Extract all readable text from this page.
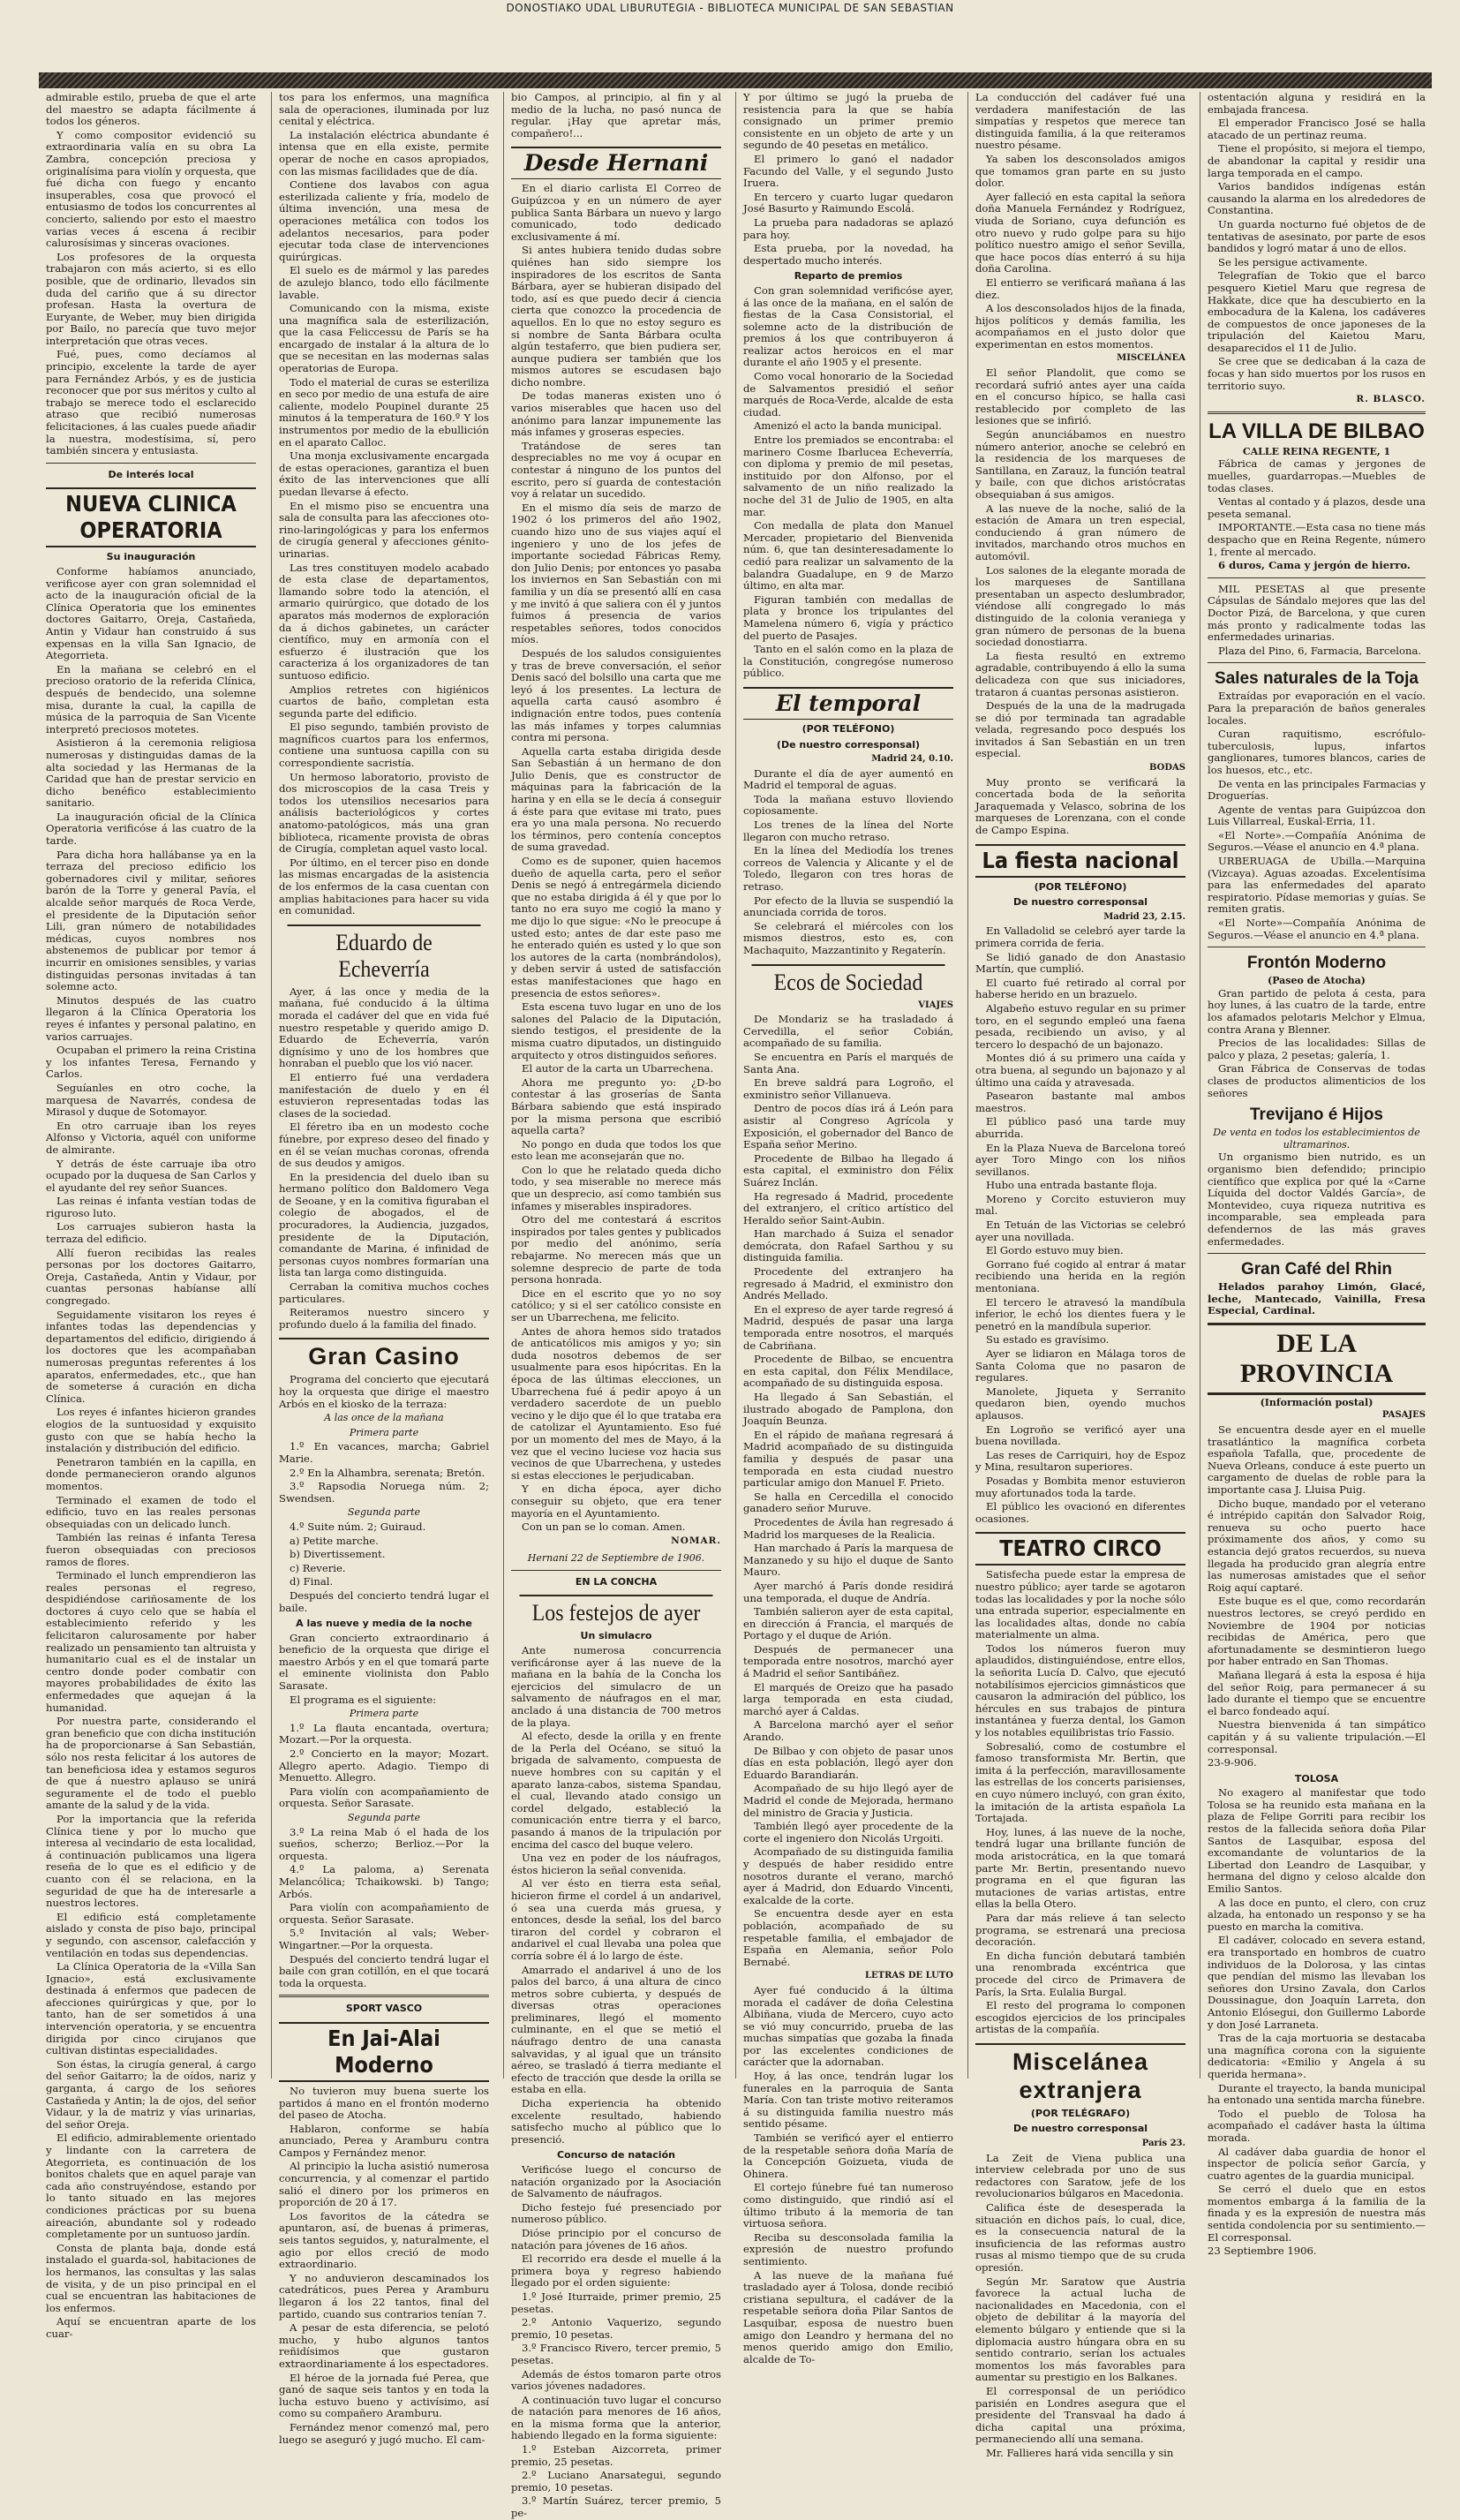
DONOSTIAKO UDAL LIBURUTEGIA - BIBLIOTECA MUNICIPAL DE SAN SEBASTIAN

admirable estilo, prueba de que el arte del maestro se adapta fácilmente á todos los géneros.

Y como compositor evidenció su extraordinaria valía en su obra La Zambra, concepción preciosa y originalísima para violín y orquesta, que fué dicha con fuego y encanto insuperables, cosa que provocó el entusiasmo de todos los concurrentes al concierto, saliendo por esto el maestro varias veces á escena á recibir calurosísimas y sinceras ovaciones.

Los profesores de la orquesta trabajaron con más acierto, si es ello posible, que de ordinario, llevados sin duda del cariño que á su director profesan. Hasta la overtura de Euryante, de Weber, muy bien dirigida por Bailo, no parecía que tuvo mejor interpretación que otras veces.

Fué, pues, como decíamos al principio, excelente la tarde de ayer para Fernández Arbós, y es de justicia reconocer que por sus méritos y culto al trabajo se merece todo el esclarecido atraso que recibió numerosas felicitaciones, á las cuales puede añadir la nuestra, modestísima, sí, pero también sincera y entusiasta.

De interés local
NUEVA CLINICA OPERATORIA
Su inauguración

Conforme habíamos anunciado, verificose ayer con gran solemnidad el acto de la inauguración oficial de la Clínica Operatoria que los eminentes doctores Gaitarro, Oreja, Castañeda, Antin y Vidaur han construido á sus expensas en la villa San Ignacio, de Ategorrieta.

En la mañana se celebró en el precioso oratorio de la referida Clínica, después de bendecido, una solemne misa, durante la cual, la capilla de música de la parroquia de San Vicente interpretó preciosos motetes.

Asistieron á la ceremonia religiosa numerosas y distinguidas damas de la alta sociedad y las Hermanas de la Caridad que han de prestar servicio en dicho benéfico establecimiento sanitario.

La inauguración oficial de la Clínica Operatoria verificóse á las cuatro de la tarde.

Para dicha hora hallábanse ya en la terraza del precioso edificio los gobernadores civil y militar, señores barón de la Torre y general Pavía, el alcalde señor marqués de Roca Verde, el presidente de la Diputación señor Lili, gran número de notabilidades médicas, cuyos nombres nos abstenemos de publicar por temor á incurrir en omisiones sensibles, y varias distinguidas personas invitadas á tan solemne acto.

Minutos después de las cuatro llegaron á la Clínica Operatoria los reyes é infantes y personal palatino, en varios carruajes.

Ocupaban el primero la reina Cristina y los infantes Teresa, Fernando y Carlos.

Seguíanles en otro coche, la marquesa de Navarrés, condesa de Mirasol y duque de Sotomayor.

En otro carruaje iban los reyes Alfonso y Victoria, aquél con uniforme de almirante.

Y detrás de éste carruaje iba otro ocupado por la duquesa de San Carlos y el ayudante del rey señor Suances.

Las reinas é infanta vestían todas de riguroso luto.

Los carruajes subieron hasta la terraza del edificio.

Allí fueron recibidas las reales personas por los doctores Gaitarro, Oreja, Castañeda, Antin y Vidaur, por cuantas personas habíanse allí congregado.

Seguidamente visitaron los reyes é infantes todas las dependencias y departamentos del edificio, dirigiendo á los doctores que les acompañaban numerosas preguntas referentes á los aparatos, enfermedades, etc., que han de someterse á curación en dicha Clínica.

Los reyes é infantes hicieron grandes elogios de la suntuosidad y exquisito gusto con que se había hecho la instalación y distribución del edificio.

Penetraron también en la capilla, en donde permanecieron orando algunos momentos.

Terminado el examen de todo el edificio, tuvo en las reales personas obsequiadas con un delicado lunch.

También las reinas é infanta Teresa fueron obsequiadas con preciosos ramos de flores.

Terminado el lunch emprendieron las reales personas el regreso, despidiéndose cariñosamente de los doctores á cuyo celo que se había el establecimiento referido y les felicitaron calurosamente por haber realizado un pensamiento tan altruista y humanitario cual es el de instalar un centro donde poder combatir con mayores probabilidades de éxito las enfermedades que aquejan á la humanidad.

Por nuestra parte, considerando el gran beneficio que con dicha institución ha de proporcionarse á San Sebastián, sólo nos resta felicitar á los autores de tan beneficiosa idea y estamos seguros de que á nuestro aplauso se unirá seguramente el de todo el pueblo amante de la salud y de la vida.

Por la importancia que la referida Clínica tiene y por lo mucho que interesa al vecindario de esta localidad, á continuación publicamos una ligera reseña de lo que es el edificio y de cuanto con él se relaciona, en la seguridad de que ha de interesarle a nuestros lectores.

El edificio está completamente aislado y consta de piso bajo, principal y segundo, con ascensor, calefacción y ventilación en todas sus dependencias.

La Clínica Operatoria de la «Villa San Ignacio», está exclusivamente destinada á enfermos que padecen de afecciones quirúrgicas y que, por lo tanto, han de ser sometidos á una intervención operatoria, y se encuentra dirigida por cinco cirujanos que cultivan distintas especialidades.

Son éstas, la cirugía general, á cargo del señor Gaitarro; la de oídos, nariz y garganta, á cargo de los señores Castañeda y Antin; la de ojos, del señor Vidaur, y la de matriz y vías urinarias, del señor Oreja.

El edificio, admirablemente orientado y lindante con la carretera de Ategorrieta, es continuación de los bonitos chalets que en aquel paraje van cada año construyéndose, estando por lo tanto situado en las mejores condiciones prácticas por su buena aireación, abundante sol y rodeado completamente por un suntuoso jardín.

Consta de planta baja, donde está instalado el guarda-sol, habitaciones de los hermanos, las consultas y las salas de visita, y de un piso principal en el cual se encuentran las habitaciones de los enfermos.

Aquí se encuentran aparte de los cuar-

tos para los enfermos, una magnífica sala de operaciones, iluminada por luz cenital y eléctrica.

La instalación eléctrica abundante é intensa que en ella existe, permite operar de noche en casos apropiados, con las mismas facilidades que de día.

Contiene dos lavabos con agua esterilizada caliente y fría, modelo de última invención, una mesa de operaciones metálica con todos los adelantos necesarios, para poder ejecutar toda clase de intervenciones quirúrgicas.

El suelo es de mármol y las paredes de azulejo blanco, todo ello fácilmente lavable.

Comunicando con la misma, existe una magnífica sala de esterilización, que la casa Feliccessu de París se ha encargado de instalar á la altura de lo que se necesitan en las modernas salas operatorias de Europa.

Todo el material de curas se esteriliza en seco por medio de una estufa de aire caliente, modelo Poupinel durante 25 minutos á la temperatura de 160.º Y los instrumentos por medio de la ebullición en el aparato Calloc.

Una monja exclusivamente encargada de estas operaciones, garantiza el buen éxito de las intervenciones que allí puedan llevarse á efecto.

En el mismo piso se encuentra una sala de consulta para las afecciones oto-rino-laringológicas y para los enfermos de cirugía general y afecciones génito-urinarias.

Las tres constituyen modelo acabado de esta clase de departamentos, llamando sobre todo la atención, el armario quirúrgico, que dotado de los aparatos más modernos de exploración da á dichos gabinetes, un carácter científico, muy en armonía con el esfuerzo é ilustración que los caracteriza á los organizadores de tan suntuoso edificio.

Amplios retretes con higiénicos cuartos de baño, completan esta segunda parte del edificio.

El piso segundo, también provisto de magníficos cuartos para los enfermos, contiene una suntuosa capilla con su correspondiente sacristía.

Un hermoso laboratorio, provisto de dos microscopios de la casa Treis y todos los utensilios necesarios para análisis bacteriológicos y cortes anatomo-patológicos, más una gran biblioteca, ricamente provista de obras de Cirugía, completan aquel vasto local.

Por último, en el tercer piso en donde las mismas encargadas de la asistencia de los enfermos de la casa cuentan con amplias habitaciones para hacer su vida en comunidad.

Eduardo de Echeverría

Ayer, á las once y media de la mañana, fué conducido á la última morada el cadáver del que en vida fué nuestro respetable y querido amigo D. Eduardo de Echeverría, varón dignísimo y uno de los hombres que honraban el pueblo que los vió nacer.

El entierro fué una verdadera manifestación de duelo y en él estuvieron representadas todas las clases de la sociedad.

El féretro iba en un modesto coche fúnebre, por expreso deseo del finado y en él se veían muchas coronas, ofrenda de sus deudos y amigos.

En la presidencia del duelo iban su hermano político don Baldomero Vega de Seoane, y en la comitiva figuraban el colegio de abogados, el de procuradores, la Audiencia, juzgados, presidente de la Diputación, comandante de Marina, é infinidad de personas cuyos nombres formarían una lista tan larga como distinguida.

Cerraban la comitiva muchos coches particulares.

Reiteramos nuestro sincero y profundo duelo á la familia del finado.

Gran Casino

Programa del concierto que ejecutará hoy la orquesta que dirige el maestro Arbós en el kiosko de la terraza:

A las once de la mañana
Primera parte

1.º En vacances, marcha; Gabriel Marie.

2.º En la Alhambra, serenata; Bretón.

3.º Rapsodia Noruega núm. 2; Swendsen.

Segunda parte

4.º Suite núm. 2; Guiraud.

a) Petite marche.

b) Divertissement.

c) Reverie.

d) Final.

Después del concierto tendrá lugar el baile.

A las nueve y media de la noche

Gran concierto extraordinario á beneficio de la orquesta que dirige el maestro Arbós y en el que tomará parte el eminente violinista don Pablo Sarasate.

El programa es el siguiente:

Primera parte

1.º La flauta encantada, overtura; Mozart.—Por la orquesta.

2.º Concierto en la mayor; Mozart. Allegro aperto. Adagio. Tiempo di Menuetto. Allegro.

Para violín con acompañamiento de orquesta. Señor Sarasate.

Segunda parte

3.º La reina Mab ó el hada de los sueños, scherzo; Berlioz.—Por la orquesta.

4.º La paloma, a) Serenata Melancólica; Tchaikowski. b) Tango; Arbós.

Para violín con acompañamiento de orquesta. Señor Sarasate.

5.º Invitación al vals; Weber-Wingartner.—Por la orquesta.

Después del concierto tendrá lugar el baile con gran cotillón, en el que tocará toda la orquesta.

SPORT VASCO
En Jai-Alai Moderno

No tuvieron muy buena suerte los partidos á mano en el frontón moderno del paseo de Atocha.

Hablaron, conforme se había anunciado, Perea y Aramburu contra Campos y Fernández menor.

Al principio la lucha asistió numerosa concurrencia, y al comenzar el partido salió el dinero por los primeros en proporción de 20 á 17.

Los favoritos de la cátedra se apuntaron, así, de buenas á primeras, seis tantos seguidos, y, naturalmente, el agio por ellos creció de modo extraordinario.

Y no anduvieron descaminados los catedráticos, pues Perea y Aramburu llegaron á los 22 tantos, final del partido, cuando sus contrarios tenían 7.

A pesar de esta diferencia, se pelotó mucho, y hubo algunos tantos reñidísimos que gustaron extraordinariamente á los espectadores.

El héroe de la jornada fué Perea, que ganó de saque seis tantos y en toda la lucha estuvo bueno y activísimo, así como su compañero Aramburu.

Fernández menor comenzó mal, pero luego se aseguró y jugó mucho. El cam-

bio Campos, al principio, al fin y al medio de la lucha, no pasó nunca de regular. ¡Hay que apretar más, compañero!...

Desde Hernani

En el diario carlista El Correo de Guipúzcoa y en un número de ayer publica Santa Bárbara un nuevo y largo comunicado, todo dedicado exclusivamente á mí.

Si antes hubiera tenido dudas sobre quiénes han sido siempre los inspiradores de los escritos de Santa Bárbara, ayer se hubieran disipado del todo, así es que puedo decir á ciencia cierta que conozco la procedencia de aquellos. En lo que no estoy seguro es si nombre de Santa Bárbara oculta algún testaferro, que bien pudiera ser, aunque pudiera ser también que los mismos autores se escudasen bajo dicho nombre.

De todas maneras existen uno ó varios miserables que hacen uso del anónimo para lanzar impunemente las más infames y groseras especies.

Tratándose de seres tan despreciables no me voy á ocupar en contestar á ninguno de los puntos del escrito, pero sí guarda de contestación voy á relatar un sucedido.

En el mismo día seis de marzo de 1902 ó los primeros del año 1902, cuando hizo uno de sus viajes aquí el ingeniero y uno de los jefes de importante sociedad Fábricas Remy, don Julio Denis; por entonces yo pasaba los inviernos en San Sebastián con mi familia y un día se presentó allí en casa y me invitó á que saliera con él y juntos fuimos á presencia de varios respetables señores, todos conocidos míos.

Después de los saludos consiguientes y tras de breve conversación, el señor Denis sacó del bolsillo una carta que me leyó á los presentes. La lectura de aquella carta causó asombro é indignación entre todos, pues contenía las más infames y torpes calumnias contra mi persona.

Aquella carta estaba dirigida desde San Sebastián á un hermano de don Julio Denis, que es constructor de máquinas para la fabricación de la harina y en ella se le decía á conseguir á éste para que evitase mi trato, pues era yo una mala persona. No recuerdo los términos, pero contenía conceptos de suma gravedad.

Como es de suponer, quien hacemos dueño de aquella carta, pero el señor Denis se negó á entregármela diciendo que no estaba dirigida á él y que por lo tanto no era suyo me cogió la mano y me dijo lo que sigue: «No le preocupe á usted esto; antes de dar este paso me he enterado quién es usted y lo que son los autores de la carta (nombrándolos), y deben servir á usted de satisfacción estas manifestaciones que hago en presencia de estos señores».

Esta escena tuvo lugar en uno de los salones del Palacio de la Diputación, siendo testigos, el presidente de la misma cuatro diputados, un distinguido arquitecto y otros distinguidos señores.

El autor de la carta un Ubarrechena.

Ahora me pregunto yo: ¿D-bo contestar á las groserías de Santa Bárbara sabiendo que está inspirado por la misma persona que escribió aquella carta?

No pongo en duda que todos los que esto lean me aconsejarán que no.

Con lo que he relatado queda dicho todo, y sea miserable no merece más que un desprecio, así como también sus infames y miserables inspiradores.

Otro del me contestará á escritos inspirados por tales gentes y publicados por medio del anónimo, sería rebajarme. No merecen más que un solemne desprecio de parte de toda persona honrada.

Dice en el escrito que yo no soy católico; y si el ser católico consiste en ser un Ubarrechena, me felicito.

Antes de ahora hemos sido tratados de anticatólicos mis amigos y yo; sin duda nosotros debemos de ser usualmente para esos hipócritas. En la época de las últimas elecciones, un Ubarrechena fué á pedir apoyo á un verdadero sacerdote de un pueblo vecino y le dijo que él lo que trataba era de catolizar el Ayuntamiento. Eso fué por un momento del mes de Mayo, á la vez que el vecino luciese voz hacia sus vecinos de que Ubarrechena, y ustedes si estas elecciones le perjudicaban.

Y en dicha época, ayer dicho conseguir su objeto, que era tener mayoría en el Ayuntamiento.

Con un pan se lo coman. Amen.

NOMAR.
Hernani 22 de Septiembre de 1906.
EN LA CONCHA
Los festejos de ayer
Un simulacro

Ante numerosa concurrencia verificáronse ayer á las nueve de la mañana en la bahía de la Concha los ejercicios del simulacro de un salvamento de náufragos en el mar, anclado á una distancia de 700 metros de la playa.

Al efecto, desde la orilla y en frente de la Perla del Océano, se situó la brigada de salvamento, compuesta de nueve hombres con su capitán y el aparato lanza-cabos, sistema Spandau, el cual, llevando atado consigo un cordel delgado, estableció la comunicación entre tierra y el barco, pasando á manos de la tripulación por encima del casco del buque velero.

Una vez en poder de los náufragos, éstos hicieron la señal convenida.

Al ver ésto en tierra esta señal, hicieron firme el cordel á un andarivel, ó sea una cuerda más gruesa, y entonces, desde la señal, los del barco tiraron del cordel y cobraron el andarivel el cual llevaba una polea que corría sobre él á lo largo de éste.

Amarrado el andarivel á uno de los palos del barco, á una altura de cinco metros sobre cubierta, y después de diversas otras operaciones preliminares, llegó el momento culminante, en el que se metió el náufrago dentro de una canasta salvavidas, y al igual que un tránsito aéreo, se trasladó á tierra mediante el efecto de tracción que desde la orilla se estaba en ella.

Dicha experiencia ha obtenido excelente resultado, habiendo satisfecho mucho al público que lo presenció.

Concurso de natación

Verificóse luego el concurso de natación organizado por la Asociación de Salvamento de náufragos.

Dicho festejo fué presenciado por numeroso público.

Dióse principio por el concurso de natación para jóvenes de 16 años.

El recorrido era desde el muelle á la primera boya y regreso habiendo llegado por el orden siguiente:

1.º José Iturraide, primer premio, 25 pesetas.

2.º Antonio Vaquerizo, segundo premio, 10 pesetas.

3.º Francisco Rivero, tercer premio, 5 pesetas.

Además de éstos tomaron parte otros varios jóvenes nadadores.

A continuación tuvo lugar el concurso de natación para menores de 16 años, en la misma forma que la anterior, habiendo llegado en la forma siguiente:

1.º Esteban Aizcorreta, primer premio, 25 pesetas.

2.º Luciano Anarsategui, segundo premio, 10 pesetas.

3.º Martín Suárez, tercer premio, 5 pe-

Y por último se jugó la prueba de resistencia para la que se había consignado un primer premio consistente en un objeto de arte y un segundo de 40 pesetas en metálico.

El primero lo ganó el nadador Facundo del Valle, y el segundo Justo Iruera.

En tercero y cuarto lugar quedaron José Basurto y Raimundo Escolá.

La prueba para nadadoras se aplazó para hoy.

Esta prueba, por la novedad, ha despertado mucho interés.

Reparto de premios

Con gran solemnidad verificóse ayer, á las once de la mañana, en el salón de fiestas de la Casa Consistorial, el solemne acto de la distribución de premios á los que contribuyeron á realizar actos heroicos en el mar durante el año 1905 y el presente.

Como vocal honorario de la Sociedad de Salvamentos presidió el señor marqués de Roca-Verde, alcalde de esta ciudad.

Amenizó el acto la banda municipal.

Entre los premiados se encontraba: el marinero Cosme Ibarlucea Echeverría, con diploma y premio de mil pesetas, instituido por don Alfonso, por el salvamento de un niño realizado la noche del 31 de Julio de 1905, en alta mar.

Con medalla de plata don Manuel Mercader, propietario del Bienvenida núm. 6, que tan desinteresadamente lo cedió para realizar un salvamento de la balandra Guadalupe, en 9 de Marzo último, en alta mar.

Figuran también con medallas de plata y bronce los tripulantes del Mamelena número 6, vigía y práctico del puerto de Pasajes.

Tanto en el salón como en la plaza de la Constitución, congregóse numeroso público.

El temporal
(POR TELÉFONO)
(De nuestro corresponsal)
Madrid 24, 0.10.

Durante el día de ayer aumentó en Madrid el temporal de aguas.

Toda la mañana estuvo lloviendo copiosamente.

Los trenes de la línea del Norte llegaron con mucho retraso.

En la línea del Mediodía los trenes correos de Valencia y Alicante y el de Toledo, llegaron con tres horas de retraso.

Por efecto de la lluvia se suspendió la anunciada corrida de toros.

Se celebrará el miércoles con los mismos diestros, esto es, con Machaquito, Mazzantinito y Regaterín.

Ecos de Sociedad
VIAJES

De Mondariz se ha trasladado á Cervedilla, el señor Cobián, acompañado de su familia.

Se encuentra en París el marqués de Santa Ana.

En breve saldrá para Logroño, el exministro señor Villanueva.

Dentro de pocos días irá á León para asistir al Congreso Agrícola y Exposición, el gobernador del Banco de España señor Merino.

Procedente de Bilbao ha llegado á esta capital, el exministro don Félix Suárez Inclán.

Ha regresado á Madrid, procedente del extranjero, el crítico artístico del Heraldo señor Saint-Aubin.

Han marchado á Suiza el senador demócrata, don Rafael Sarthou y su distinguida familia.

Procedente del extranjero ha regresado á Madrid, el exministro don Andrés Mellado.

En el expreso de ayer tarde regresó á Madrid, después de pasar una larga temporada entre nosotros, el marqués de Cabriñana.

Procedente de Bilbao, se encuentra en esta capital, don Félix Mendilace, acompañado de su distinguida esposa.

Ha llegado á San Sebastián, el ilustrado abogado de Pamplona, don Joaquín Beunza.

En el rápido de mañana regresará á Madrid acompañado de su distinguida familia y después de pasar una temporada en esta ciudad nuestro particular amigo don Manuel F. Prieto.

Se halla en Cercedilla el conocido ganadero señor Muruve.

Procedentes de Ávila han regresado á Madrid los marqueses de la Realicia.

Han marchado á París la marquesa de Manzanedo y su hijo el duque de Santo Mauro.

Ayer marchó á París donde residirá una temporada, el duque de Andría.

También salieron ayer de esta capital, en dirección á Francia, el marqués de Portago y el duque de Arión.

Después de permanecer una temporada entre nosotros, marchó ayer á Madrid el señor Santibáñez.

El marqués de Oreizo que ha pasado larga temporada en esta ciudad, marchó ayer á Caldas.

A Barcelona marchó ayer el señor Arando.

De Bilbao y con objeto de pasar unos días en esta población, llegó ayer don Eduardo Barandiarán.

Acompañado de su hijo llegó ayer de Madrid el conde de Mejorada, hermano del ministro de Gracia y Justicia.

También llegó ayer procedente de la corte el ingeniero don Nicolás Urgoiti.

Acompañado de su distinguida familia y después de haber residido entre nosotros durante el verano, marchó ayer á Madrid, don Eduardo Vincenti, exalcalde de la corte.

Se encuentra desde ayer en esta población, acompañado de su respetable familia, el embajador de España en Alemania, señor Polo Bernabé.

LETRAS DE LUTO

Ayer fué conducido á la última morada el cadáver de doña Celestina Albiñana, viuda de Mercero, cuyo acto se vió muy concurrido, prueba de las muchas simpatías que gozaba la finada por las excelentes condiciones de carácter que la adornaban.

Hoy, á las once, tendrán lugar los funerales en la parroquia de Santa María. Con tan triste motivo reiteramos á su distinguida familia nuestro más sentido pésame.

También se verificó ayer el entierro de la respetable señora doña María de la Concepción Goizueta, viuda de Ohinera.

El cortejo fúnebre fué tan numeroso como distinguido, que rindió así el último tributo á la memoria de tan virtuosa señora.

Reciba su desconsolada familia la expresión de nuestro profundo sentimiento.

A las nueve de la mañana fué trasladado ayer á Tolosa, donde recibió cristiana sepultura, el cadáver de la respetable señora doña Pilar Santos de Lasquibar, esposa de nuestro buen amigo don Leandro y hermana del no menos querido amigo don Emilio, alcalde de To-

La conducción del cadáver fué una verdadera manifestación de las simpatías y respetos que merece tan distinguida familia, á la que reiteramos nuestro pésame.

Ya saben los desconsolados amigos que tomamos gran parte en su justo dolor.

Ayer falleció en esta capital la señora doña Manuela Fernández y Rodríguez, viuda de Soriano, cuya defunción es otro nuevo y rudo golpe para su hijo político nuestro amigo el señor Sevilla, que hace pocos días enterró á su hija doña Carolina.

El entierro se verificará mañana á las diez.

A los desconsolados hijos de la finada, hijos políticos y demás familia, les acompañamos en el justo dolor que experimentan en estos momentos.

MISCELÁNEA

El señor Plandolit, que como se recordará sufrió antes ayer una caída en el concurso hípico, se halla casi restablecido por completo de las lesiones que se infirió.

Según anunciábamos en nuestro número anterior, anoche se celebró en la residencia de los marqueses de Santillana, en Zarauz, la función teatral y baile, con que dichos aristócratas obsequiaban á sus amigos.

A las nueve de la noche, salió de la estación de Amara un tren especial, conduciendo á gran número de invitados, marchando otros muchos en automóvil.

Los salones de la elegante morada de los marqueses de Santillana presentaban un aspecto deslumbrador, viéndose allí congregado lo más distinguido de la colonia veraniega y gran número de personas de la buena sociedad donostiarra.

La fiesta resultó en extremo agradable, contribuyendo á ello la suma delicadeza con que sus iniciadores, trataron á cuantas personas asistieron.

Después de la una de la madrugada se dió por terminada tan agradable velada, regresando poco después los invitados á San Sebastián en un tren especial.

BODAS

Muy pronto se verificará la concertada boda de la señorita Jaraquemada y Velasco, sobrina de los marqueses de Lorenzana, con el conde de Campo Espina.

La fiesta nacional
(POR TELÉFONO)
De nuestro corresponsal
Madrid 23, 2.15.

En Valladolid se celebró ayer tarde la primera corrida de feria.

Se lidió ganado de don Anastasio Martín, que cumplió.

El cuarto fué retirado al corral por haberse herido en un brazuelo.

Algabeño estuvo regular en su primer toro, en el segundo empleó una faena pesada, recibiendo un aviso, y al tercero lo despachó de un bajonazo.

Montes dió á su primero una caída y otra buena, al segundo un bajonazo y al último una caída y atravesada.

Pasearon bastante mal ambos maestros.

El público pasó una tarde muy aburrida.

En la Plaza Nueva de Barcelona toreó ayer Toro Mingo con los niños sevillanos.

Hubo una entrada bastante floja.

Moreno y Corcito estuvieron muy mal.

En Tetuán de las Victorias se celebró ayer una novillada.

El Gordo estuvo muy bien.

Gorrano fué cogido al entrar á matar recibiendo una herida en la región mentoniana.

El tercero le atravesó la mandíbula inferior, le echó los dientes fuera y le penetró en la mandíbula superior.

Su estado es gravísimo.

Ayer se lidiaron en Málaga toros de Santa Coloma que no pasaron de regulares.

Manolete, Jiqueta y Serranito quedaron bien, oyendo muchos aplausos.

En Logroño se verificó ayer una buena novillada.

Las reses de Carriquiri, hoy de Espoz y Mina, resultaron superiores.

Posadas y Bombita menor estuvieron muy afortunados toda la tarde.

El público les ovacionó en diferentes ocasiones.

TEATRO CIRCO

Satisfecha puede estar la empresa de nuestro público; ayer tarde se agotaron todas las localidades y por la noche sólo una entrada superior, especialmente en las localidades altas, donde no cabía materialmente un alma.

Todos los números fueron muy aplaudidos, distinguiéndose, entre ellos, la señorita Lucía D. Calvo, que ejecutó notabilísimos ejercicios gimnásticos que causaron la admiración del público, los hércules en sus trabajos de pintura instantánea y fuerza dental, los Gamon y los notables equilibristas trío Fassio.

Sobresalió, como de costumbre el famoso transformista Mr. Bertin, que imita á la perfección, maravillosamente las estrellas de los concerts parisienses, en cuyo número incluyó, con gran éxito, la imitación de la artista española La Tortajada.

Hoy, lunes, á las nueve de la noche, tendrá lugar una brillante función de moda aristocrática, en la que tomará parte Mr. Bertin, presentando nuevo programa en el que figuran las mutaciones de varias artistas, entre ellas la bella Otero.

Para dar más relieve á tan selecto programa, se estrenará una preciosa decoración.

En dicha función debutará también una renombrada excéntrica que procede del circo de Primavera de París, la Srta. Eulalia Burgal.

El resto del programa lo componen escogidos ejercicios de los principales artistas de la compañía.

Miscelánea extranjera
(POR TELÉGRAFO)
De nuestro corresponsal
París 23.

La Zeit de Viena publica una interview celebrada por uno de sus redactores con Saratow, jefe de los revolucionarios búlgaros en Macedonia.

Califica éste de desesperada la situación en dichos país, lo cual, dice, es la consecuencia natural de la insuficiencia de las reformas austro rusas al mismo tiempo que de su cruda opresión.

Según Mr. Saratow que Austria favorece la actual lucha de nacionalidades en Macedonia, con el objeto de debilitar á la mayoría del elemento búlgaro y entiende que si la diplomacia austro húngara obra en su sentido contrario, serían los actuales momentos los más favorables para aumentar su prestigio en los Balkanes.

El corresponsal de un periódico parisién en Londres asegura que el presidente del Transvaal ha dado á dicha capital una próxima, permaneciendo allí una semana.

Mr. Fallieres hará vida sencilla y sin

ostentación alguna y residirá en la embajada francesa.

El emperador Francisco José se halla atacado de un pertinaz reuma.

Tiene el propósito, si mejora el tiempo, de abandonar la capital y residir una larga temporada en el campo.

Varios bandidos indígenas están causando la alarma en los alrededores de Constantina.

Un guarda nocturno fué objetos de de tentativas de asesinato, por parte de esos bandidos y logró matar á uno de ellos.

Se les persigue activamente.

Telegrafían de Tokio que el barco pesquero Kietiel Maru que regresa de Hakkate, dice que ha descubierto en la embocadura de la Kalena, los cadáveres de compuestos de once japoneses de la tripulación del Kaietou Maru, desaparecidos el 11 de Julio.

Se cree que se dedicaban á la caza de focas y han sido muertos por los rusos en territorio suyo.

R. BLASCO.
LA VILLA DE BILBAO
CALLE REINA REGENTE, 1

Fábrica de camas y jergones de muelles, guardarropas.—Muebles de todas clases.

Ventas al contado y á plazos, desde una peseta semanal.

IMPORTANTE.—Esta casa no tiene más despacho que en Reina Regente, número 1, frente al mercado.

6 duros, Cama y jergón de hierro.

MIL PESETAS al que presente Cápsulas de Sándalo mejores que las del Doctor Pizá, de Barcelona, y que curen más pronto y radicalmente todas las enfermedades urinarias.

Plaza del Pino, 6, Farmacia, Barcelona.

Sales naturales de la Toja

Extraídas por evaporación en el vacío. Para la preparación de baños generales locales.

Curan raquitismo, escrófulo-tuberculosis, lupus, infartos ganglionares, tumores blancos, caries de los huesos, etc., etc.

De venta en las principales Farmacias y Droguerías.

Agente de ventas para Guipúzcoa don Luis Villarreal, Euskal-Erria, 11.

«El Norte».—Compañía Anónima de Seguros.—Véase el anuncio en 4.ª plana.

URBERUAGA de Ubilla.—Marquina (Vizcaya). Aguas azoadas. Excelentísima para las enfermedades del aparato respiratorio. Pídase memorias y guías. Se remiten gratis.

«El Norte»—Compañía Anónima de Seguros.—Véase el anuncio en 4.ª plana.

Frontón Moderno
(Paseo de Atocha)

Gran partido de pelota á cesta, para hoy lunes, á las cuatro de la tarde, entre los afamados pelotaris Melchor y Elmua, contra Arana y Blenner.

Precios de las localidades: Sillas de palco y plaza, 2 pesetas; galería, 1.

Gran Fábrica de Conservas de todas clases de productos alimenticios de los señores

Trevijano é Hijos
De venta en todos los establecimientos de ultramarinos.

Un organismo bien nutrido, es un organismo bien defendido; principio científico que explica por qué la «Carne Líquida del doctor Valdés García», de Montevideo, cuya riqueza nutritiva es incomparable, sea empleada para defendernos de las más graves enfermedades.

Gran Café del Rhin

Helados parahoy Limón, Glacé, leche, Mantecado, Vainilla, Fresa Especial, Cardinal.

DE LA PROVINCIA
(Información postal)
PASAJES

Se encuentra desde ayer en el muelle trasatlántico la magnífica corbeta española Tafalla, que, procedente de Nueva Orleans, conduce á este puerto un cargamento de duelas de roble para la importante casa J. Lluisa Puig.

Dicho buque, mandado por el veterano é intrépido capitán don Salvador Roig, renueva su ocho puerto hace próximamente dos años, y como su estancia dejó gratos recuerdos, su nueva llegada ha producido gran alegría entre las numerosas amistades que el señor Roig aquí captaré.

Este buque es el que, como recordarán nuestros lectores, se creyó perdido en Noviembre de 1904 por noticias recibidas de América, pero que afortunadamente se desmintieron luego por haber entrado en San Thomas.

Mañana llegará á esta la esposa é hija del señor Roig, para permanecer á su lado durante el tiempo que se encuentre el barco fondeado aquí.

Nuestra bienvenida á tan simpático capitán y á su valiente tripulación.—El corresponsal.

23-9-906.

TOLOSA

No exagero al manifestar que todo Tolosa se ha reunido esta mañana en la plaza de Felipe Gorriti para recibir los restos de la fallecida señora doña Pilar Santos de Lasquibar, esposa del excomandante de voluntarios de la Libertad don Leandro de Lasquibar, y hermana del digno y celoso alcalde don Emilio Santos.

A las doce en punto, el clero, con cruz alzada, ha entonado un responso y se ha puesto en marcha la comitiva.

El cadáver, colocado en severa estand, era transportado en hombros de cuatro individuos de la Dolorosa, y las cintas que pendían del mismo las llevaban los señores don Ursino Zavala, don Carlos Doussinague, don Joaquín Larreta, don Antonio Elósegui, don Guillermo Laborde y don José Larraneta.

Tras de la caja mortuoria se destacaba una magnífica corona con la siguiente dedicatoria: «Emilio y Angela á su querida hermana».

Durante el trayecto, la banda municipal ha entonado una sentida marcha fúnebre.

Todo el pueblo de Tolosa ha acompañado el cadáver hasta la última morada.

Al cadáver daba guardia de honor el inspector de policía señor García, y cuatro agentes de la guardia municipal.

Se cerró el duelo que en estos momentos embarga á la familia de la finada y es la expresión de nuestra más sentida condolencia por su sentimiento.—El corresponsal.

23 Septiembre 1906.
